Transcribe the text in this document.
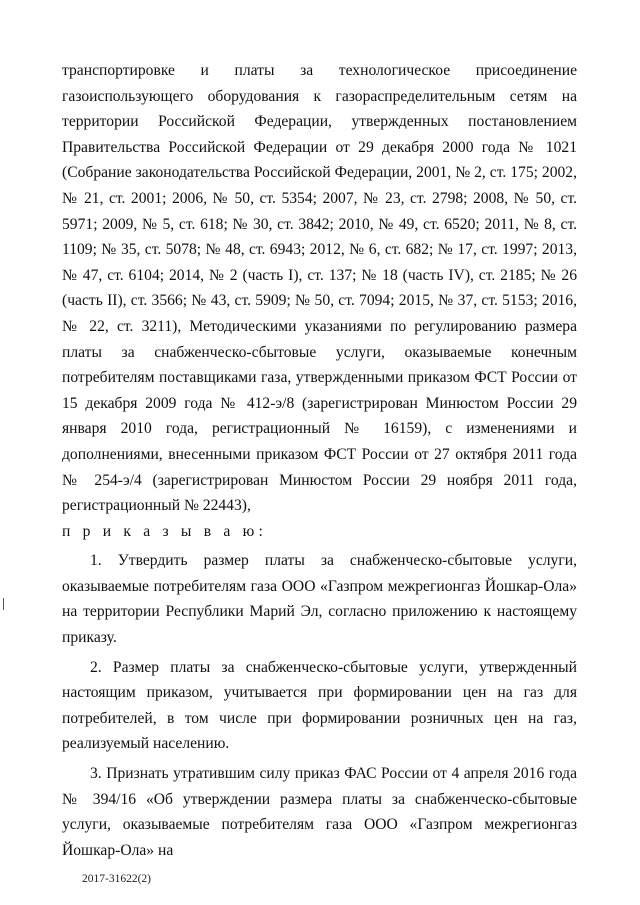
транспортировке и платы за технологическое присоединение газоиспользующего оборудования к газораспределительным сетям на территории Российской Федерации, утвержденных постановлением Правительства Российской Федерации от 29 декабря 2000 года № 1021 (Собрание законодательства Российской Федерации, 2001, № 2, ст. 175; 2002, № 21, ст. 2001; 2006, № 50, ст. 5354; 2007, № 23, ст. 2798; 2008, № 50, ст. 5971; 2009, № 5, ст. 618; № 30, ст. 3842; 2010, № 49, ст. 6520; 2011, № 8, ст. 1109; № 35, ст. 5078; № 48, ст. 6943; 2012, № 6, ст. 682; № 17, ст. 1997; 2013, № 47, ст. 6104; 2014, № 2 (часть I), ст. 137; № 18 (часть IV), ст. 2185; № 26 (часть II), ст. 3566; № 43, ст. 5909; № 50, ст. 7094; 2015, № 37, ст. 5153; 2016, № 22, ст. 3211), Методическими указаниями по регулированию размера платы за снабженческо-сбытовые услуги, оказываемые конечным потребителям поставщиками газа, утвержденными приказом ФСТ России от 15 декабря 2009 года № 412-э/8 (зарегистрирован Минюстом России 29 января 2010 года, регистрационный № 16159), с изменениями и дополнениями, внесенными приказом ФСТ России от 27 октября 2011 года № 254-э/4 (зарегистрирован Минюстом России 29 ноября 2011 года, регистрационный № 22443),

п р и к а з ы в а ю:

1. Утвердить размер платы за снабженческо-сбытовые услуги, оказываемые потребителям газа ООО «Газпром межрегионгаз Йошкар-Ола» на территории Республики Марий Эл, согласно приложению к настоящему приказу.

2. Размер платы за снабженческо-сбытовые услуги, утвержденный настоящим приказом, учитывается при формировании цен на газ для потребителей, в том числе при формировании розничных цен на газ, реализуемый населению.

3. Признать утратившим силу приказ ФАС России от 4 апреля 2016 года № 394/16 «Об утверждении размера платы за снабженческо-сбытовые услуги, оказываемые потребителям газа ООО «Газпром межрегионгаз Йошкар-Ола» на

2017-31622(2)
